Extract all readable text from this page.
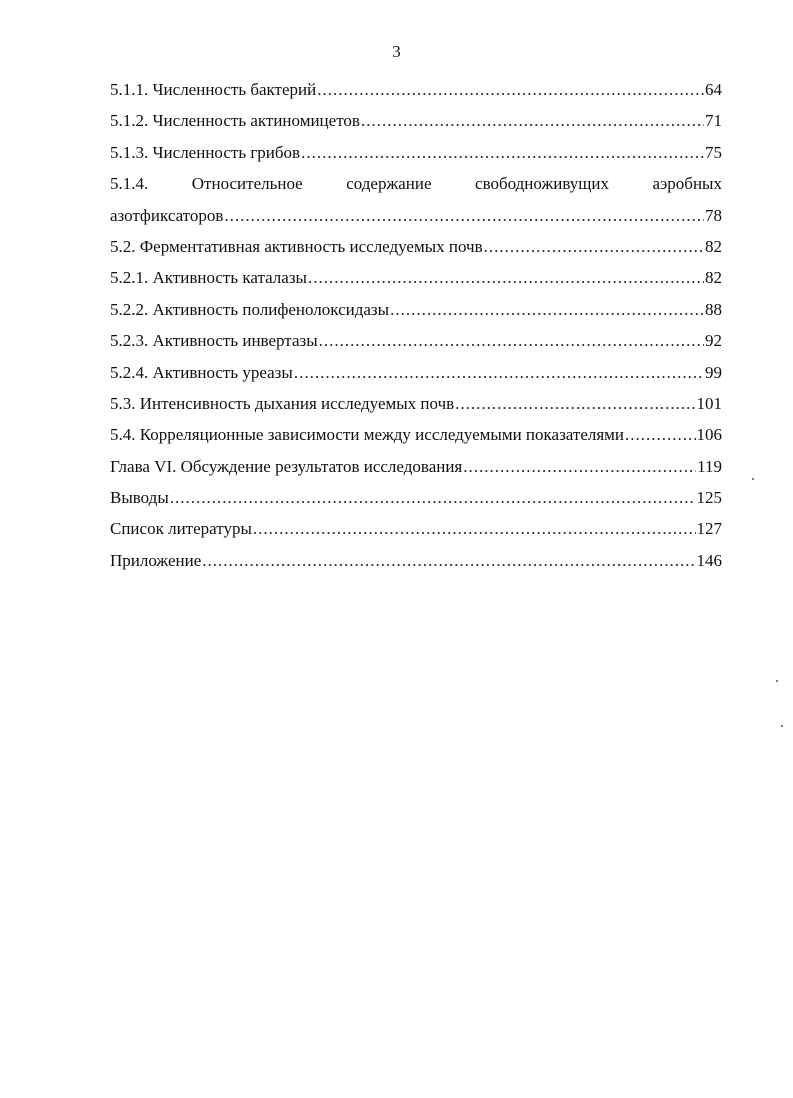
3
5.1.1. Численность бактерий .....	64
5.1.2. Численность актиномицетов .....	71
5.1.3. Численность грибов .....	75
5.1.4.	Относительное	содержание	свободноживущих	аэробных
азотфиксаторов .....	78
5.2. Ферментативная активность исследуемых почв .....	82
5.2.1. Активность каталазы .....	82
5.2.2. Активность полифенолоксидазы .....	88
5.2.3. Активность инвертазы .....	92
5.2.4. Активность уреазы .....	99
5.3. Интенсивность дыхания исследуемых почв .....	101
5.4. Корреляционные зависимости между исследуемыми показателями .....	106
Глава VI. Обсуждение результатов исследования .....	119
Выводы .....	125
Список литературы .....	127
Приложение .....	146
